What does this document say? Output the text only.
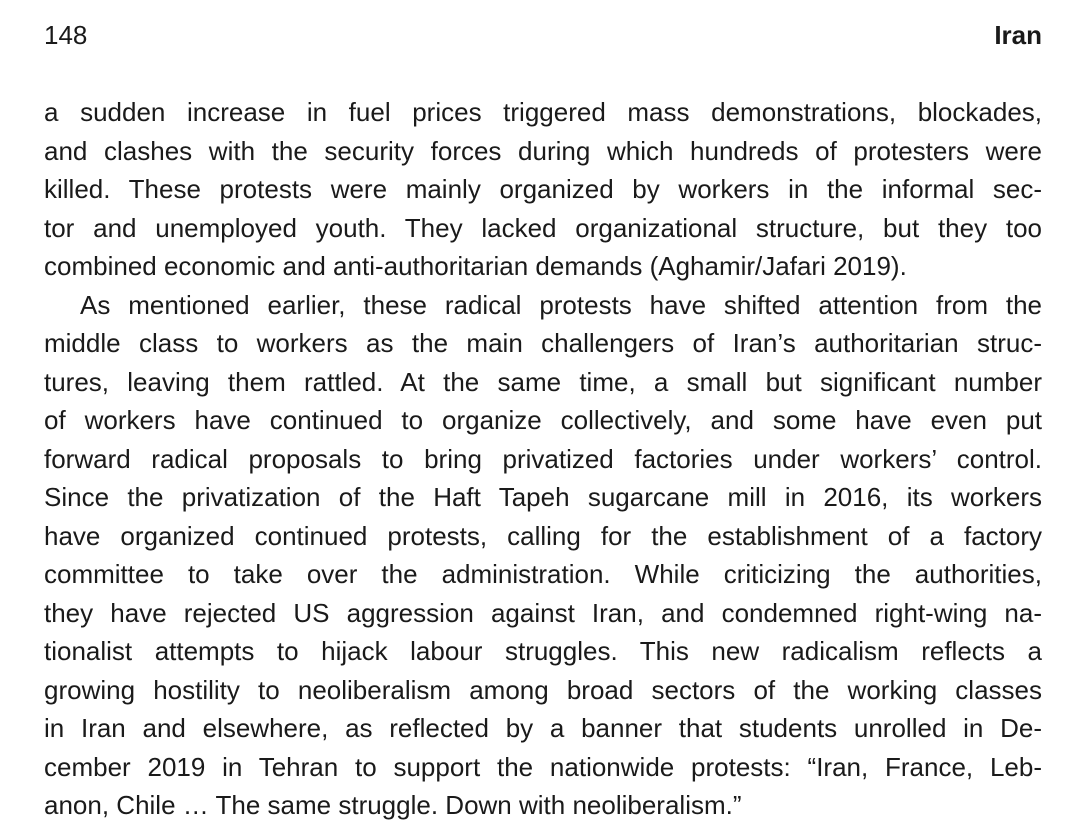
148	Iran
a sudden increase in fuel prices triggered mass demonstrations, blockades,
and clashes with the security forces during which hundreds of protesters were
killed. These protests were mainly organized by workers in the informal sec-
tor and unemployed youth. They lacked organizational structure, but they too
combined economic and anti-authoritarian demands (Aghamir/Jafari 2019).
As mentioned earlier, these radical protests have shifted attention from the
middle class to workers as the main challengers of Iran’s authoritarian struc-
tures, leaving them rattled. At the same time, a small but significant number
of workers have continued to organize collectively, and some have even put
forward radical proposals to bring privatized factories under workers’ control.
Since the privatization of the Haft Tapeh sugarcane mill in 2016, its workers
have organized continued protests, calling for the establishment of a factory
committee to take over the administration. While criticizing the authorities,
they have rejected US aggression against Iran, and condemned right-wing na-
tionalist attempts to hijack labour struggles. This new radicalism reflects a
growing hostility to neoliberalism among broad sectors of the working classes
in Iran and elsewhere, as reflected by a banner that students unrolled in De-
cember 2019 in Tehran to support the nationwide protests: “Iran, France, Leb-
anon, Chile … The same struggle. Down with neoliberalism.”
